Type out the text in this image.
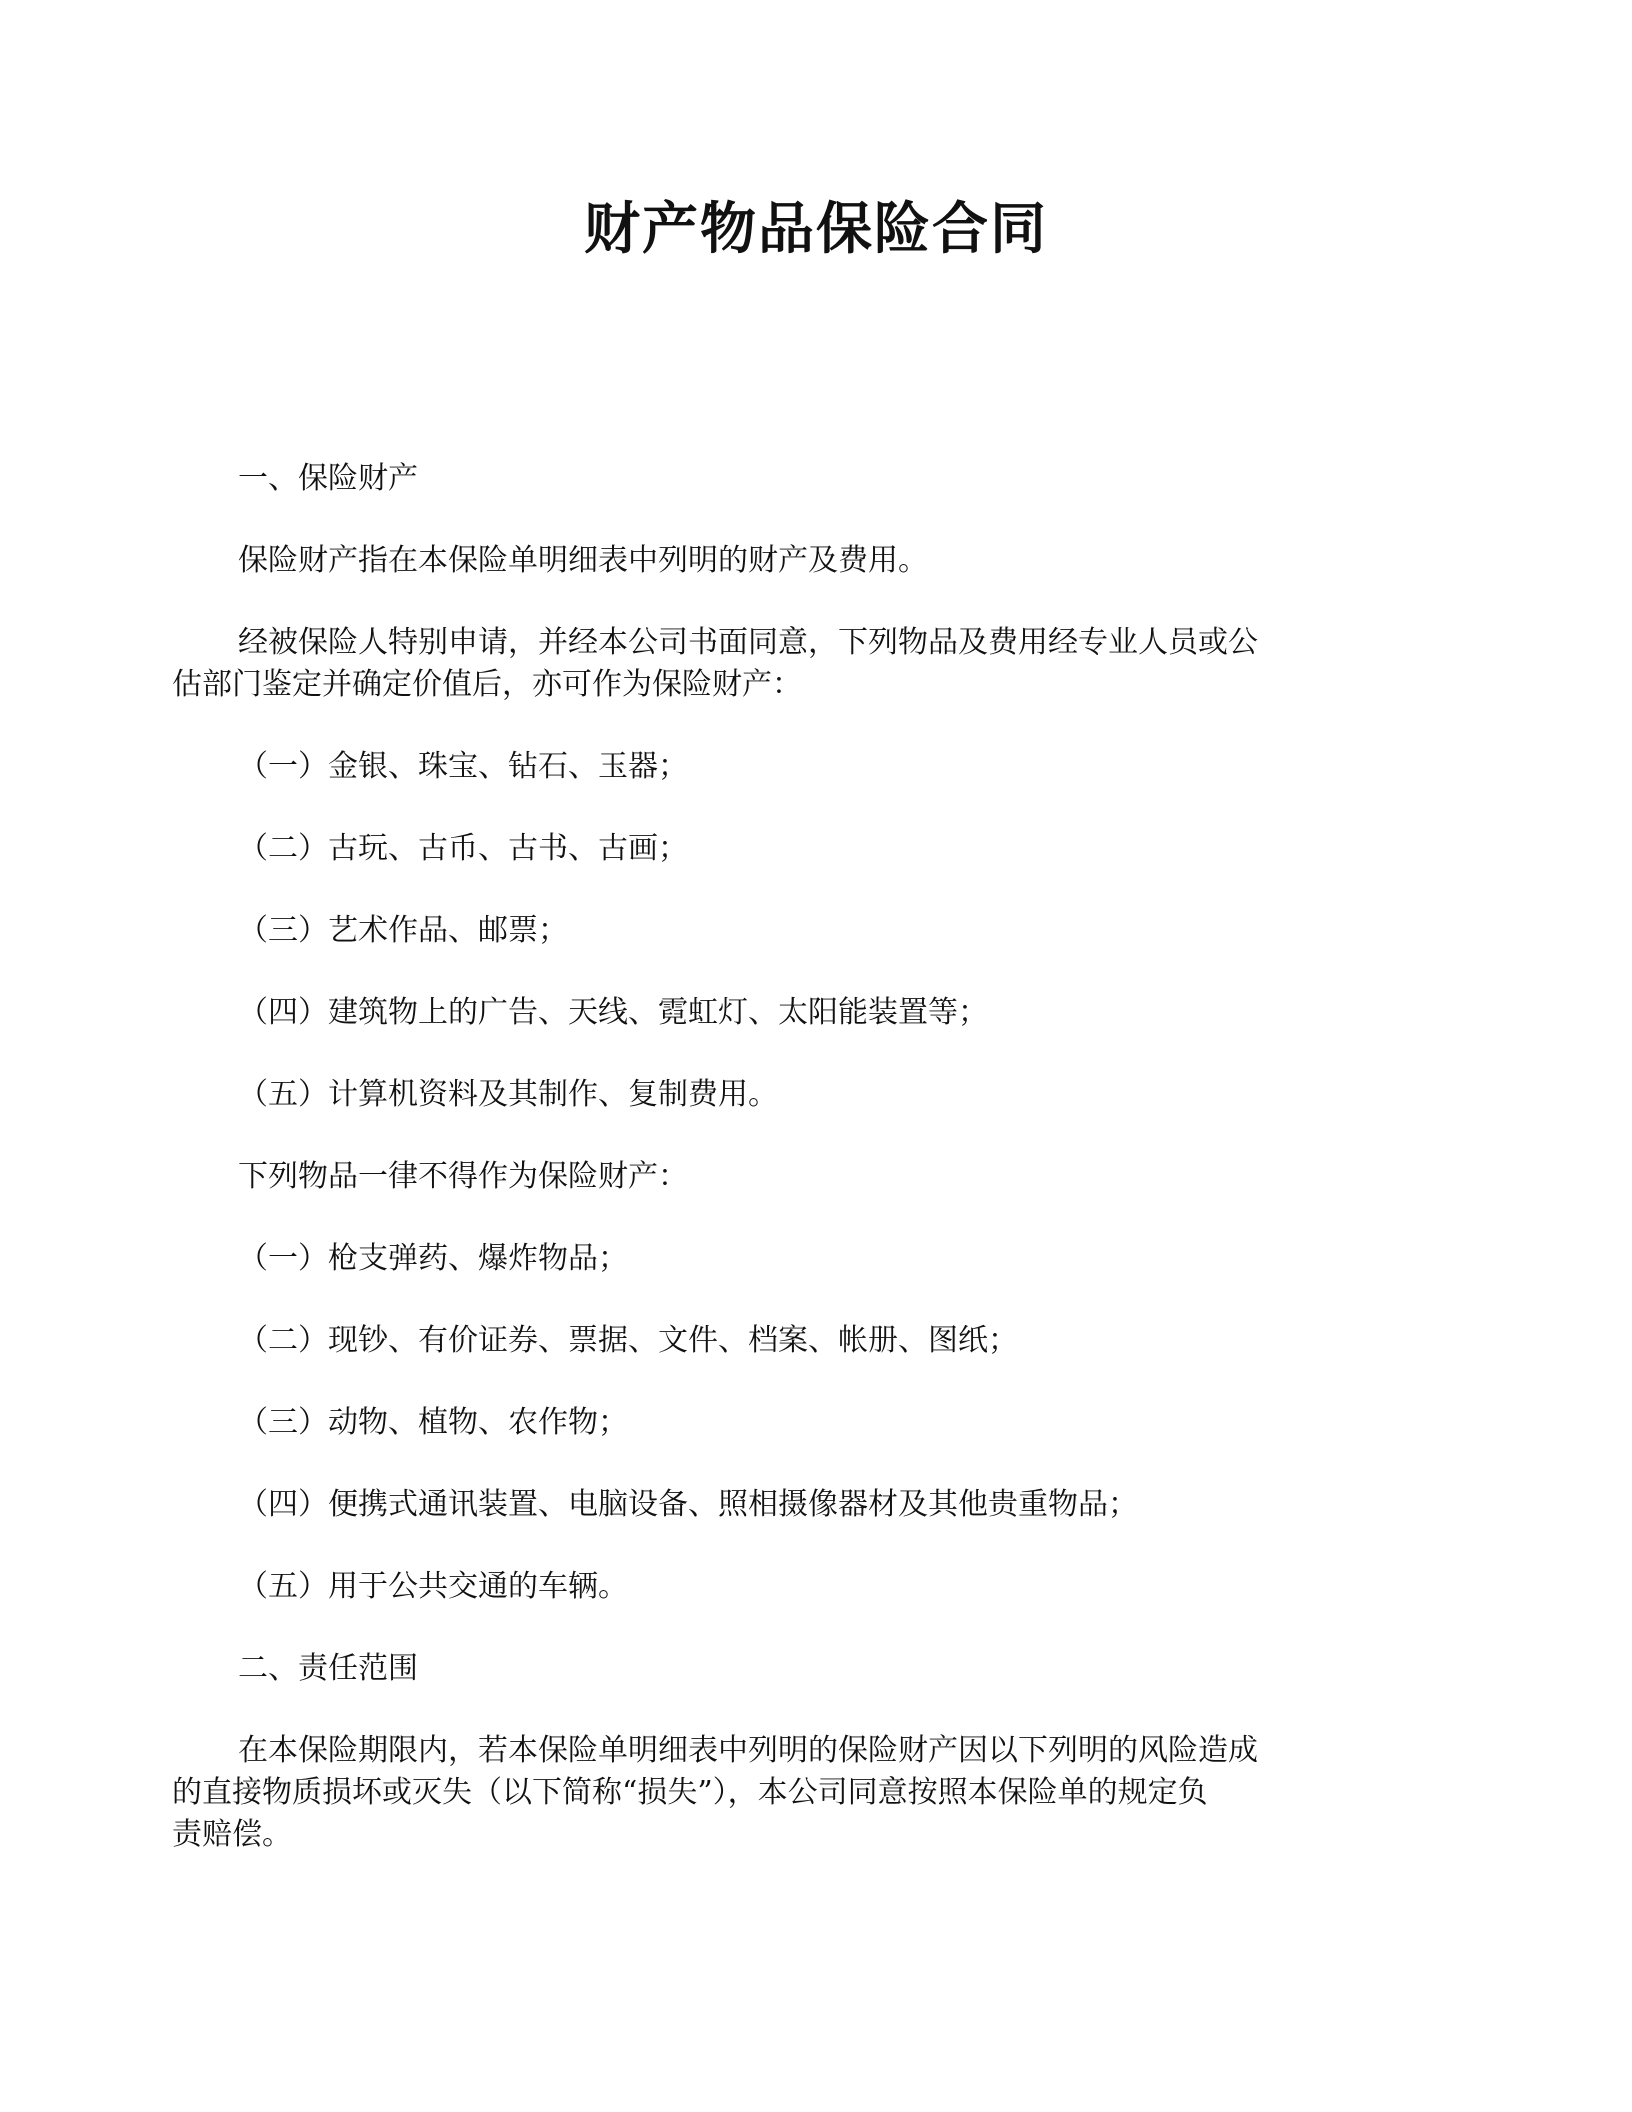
财产物品保险合同
一、保险财产
保险财产指在本保险单明细表中列明的财产及费用。
经被保险人特别申请，并经本公司书面同意，下列物品及费用经专业人员或公
估部门鉴定并确定价值后，亦可作为保险财产：
（一）金银、珠宝、钻石、玉器；
（二）古玩、古币、古书、古画；
（三）艺术作品、邮票；
（四）建筑物上的广告、天线、霓虹灯、太阳能装置等；
（五）计算机资料及其制作、复制费用。
下列物品一律不得作为保险财产：
（一）枪支弹药、爆炸物品；
（二）现钞、有价证券、票据、文件、档案、帐册、图纸；
（三）动物、植物、农作物；
（四）便携式通讯装置、电脑设备、照相摄像器材及其他贵重物品；
（五）用于公共交通的车辆。
二、责任范围
在本保险期限内，若本保险单明细表中列明的保险财产因以下列明的风险造成
的直接物质损坏或灭失（以下简称“损失”），本公司同意按照本保险单的规定负
责赔偿。
